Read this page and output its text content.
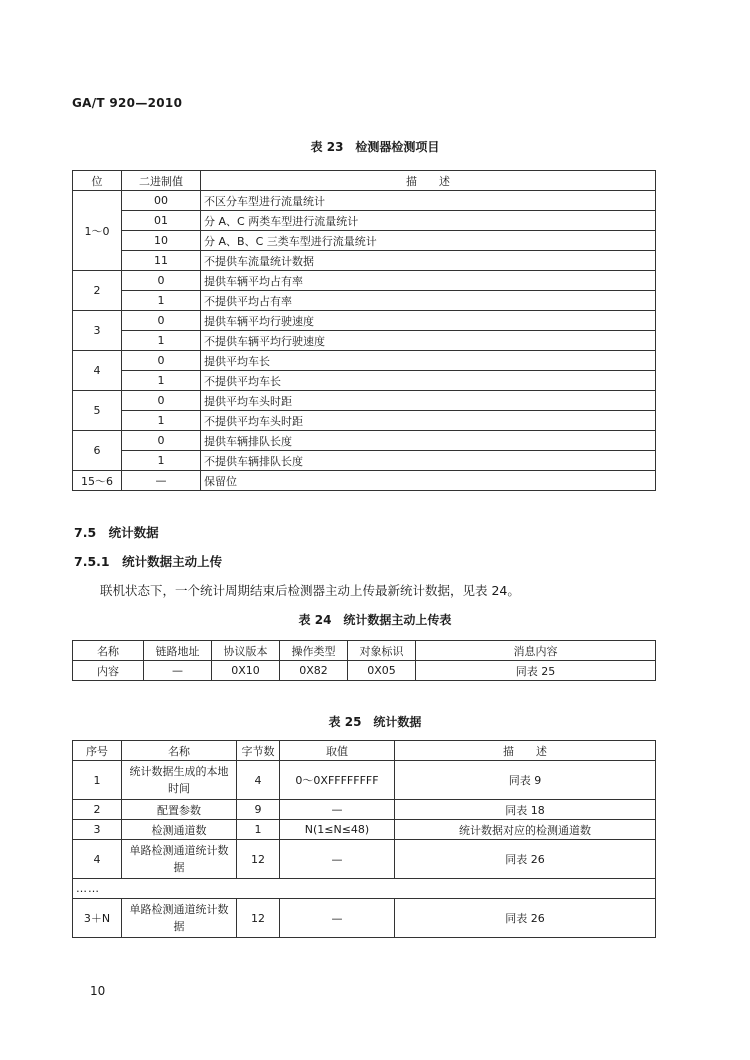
GA/T 920—2010
表 23　检测器检测项目
位	二进制值	描　　述
1～0	00	不区分车型进行流量统计
	01	分 A、C 两类车型进行流量统计
	10	分 A、B、C 三类车型进行流量统计
	11	不提供车流量统计数据
2	0	提供车辆平均占有率
	1	不提供平均占有率
3	0	提供车辆平均行驶速度
	1	不提供车辆平均行驶速度
4	0	提供平均车长
	1	不提供平均车长
5	0	提供平均车头时距
	1	不提供平均车头时距
6	0	提供车辆排队长度
	1	不提供车辆排队长度
15～6	—	保留位
7.5　统计数据
7.5.1　统计数据主动上传
联机状态下，一个统计周期结束后检测器主动上传最新统计数据，见表 24。
表 24　统计数据主动上传表
名称	链路地址	协议版本	操作类型	对象标识	消息内容
内容	—	0X10	0X82	0X05	同表 25
表 25　统计数据
序号	名称	字节数	取值	描　　述
1	统计数据生成的本地时间	4	0～0XFFFFFFFF	同表 9
2	配置参数	9	—	同表 18
3	检测通道数	1	N(1≤N≤48)	统计数据对应的检测通道数
4	单路检测通道统计数据	12	—	同表 26
……				
3＋N	单路检测通道统计数据	12	—	同表 26
10
